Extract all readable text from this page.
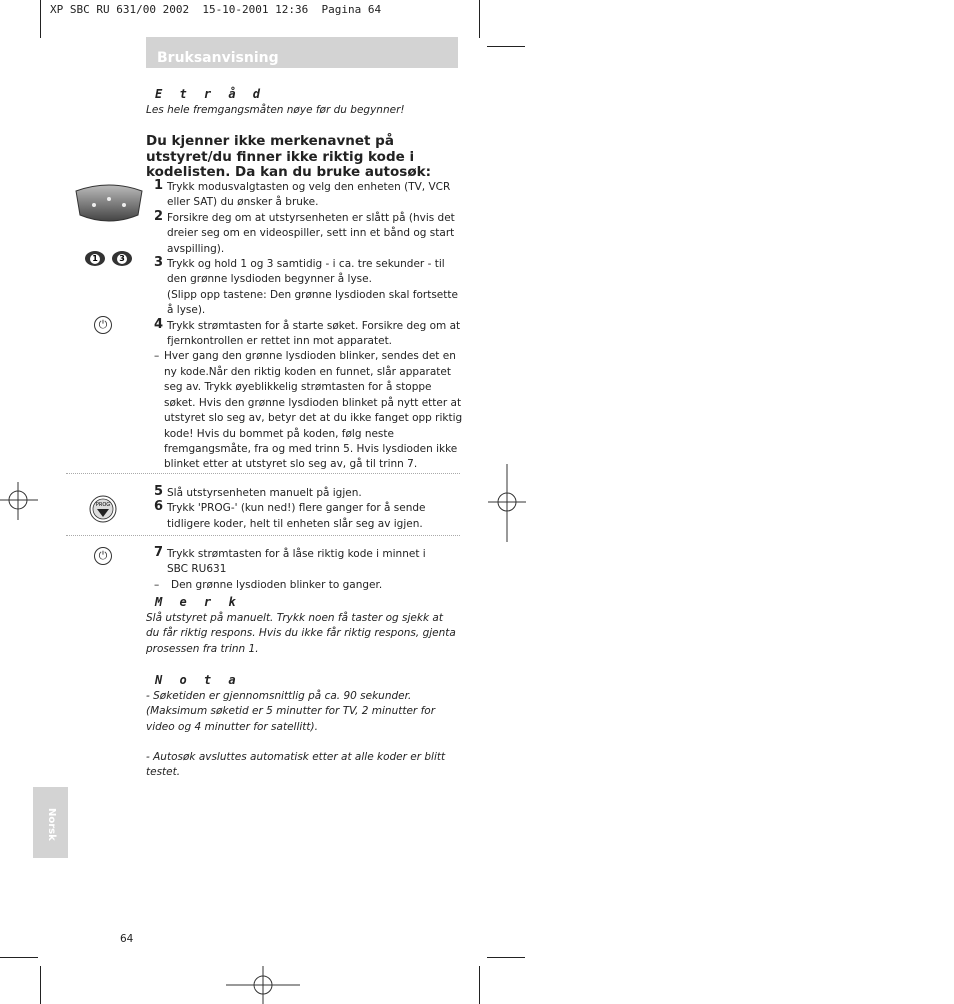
XP SBC RU 631/00 2002  15-10-2001 12:36  Pagina 64
Bruksanvisning
E t r å d
Les hele fremgangsmåten nøye før du begynner!
Du kjenner ikke merkenavnet på utstyret/du finner ikke riktig kode i kodelisten. Da kan du bruke autosøk:
1	3
⏻
PROG
⏻
1 Trykk modusvalgtasten og velg den enheten (TV, VCR eller SAT) du ønsker å bruke.
2 Forsikre deg om at utstyrsenheten er slått på (hvis det dreier seg om en videospiller, sett inn et bånd og start avspilling).
3 Trykk og hold 1 og 3 samtidig - i ca. tre sekunder - til den grønne lysdioden begynner å lyse.
(Slipp opp tastene: Den grønne lysdioden skal fortsette å lyse).
4 Trykk strømtasten for å starte søket. Forsikre deg om at fjernkontrollen er rettet inn mot apparatet.
– Hver gang den grønne lysdioden blinker, sendes det en ny kode.Når den riktig koden en funnet, slår apparatet seg av. Trykk øyeblikkelig strømtasten for å stoppe søket. Hvis den grønne lysdioden blinket på nytt etter at utstyret slo seg av, betyr det at du ikke fanget opp riktig kode! Hvis du bommet på koden, følg neste fremgangsmåte, fra og med trinn 5. Hvis lysdioden ikke blinket etter at utstyret slo seg av, gå til trinn 7.
5 Slå utstyrsenheten manuelt på igjen.
6 Trykk 'PROG-' (kun ned!) flere ganger for å sende tidligere koder, helt til enheten slår seg av igjen.
7 Trykk strømtasten for å låse riktig kode i minnet i SBC RU631
– Den grønne lysdioden blinker to ganger.
M e r k
Slå utstyret på manuelt. Trykk noen få taster og sjekk at du får riktig respons. Hvis du ikke får riktig respons, gjenta prosessen fra trinn 1.
N o t a
- Søketiden er gjennomsnittlig på ca. 90 sekunder. (Maksimum søketid er 5 minutter for TV, 2 minutter for video og 4 minutter for satellitt).
- Autosøk avsluttes automatisk etter at alle koder er blitt testet.
Norsk
64
